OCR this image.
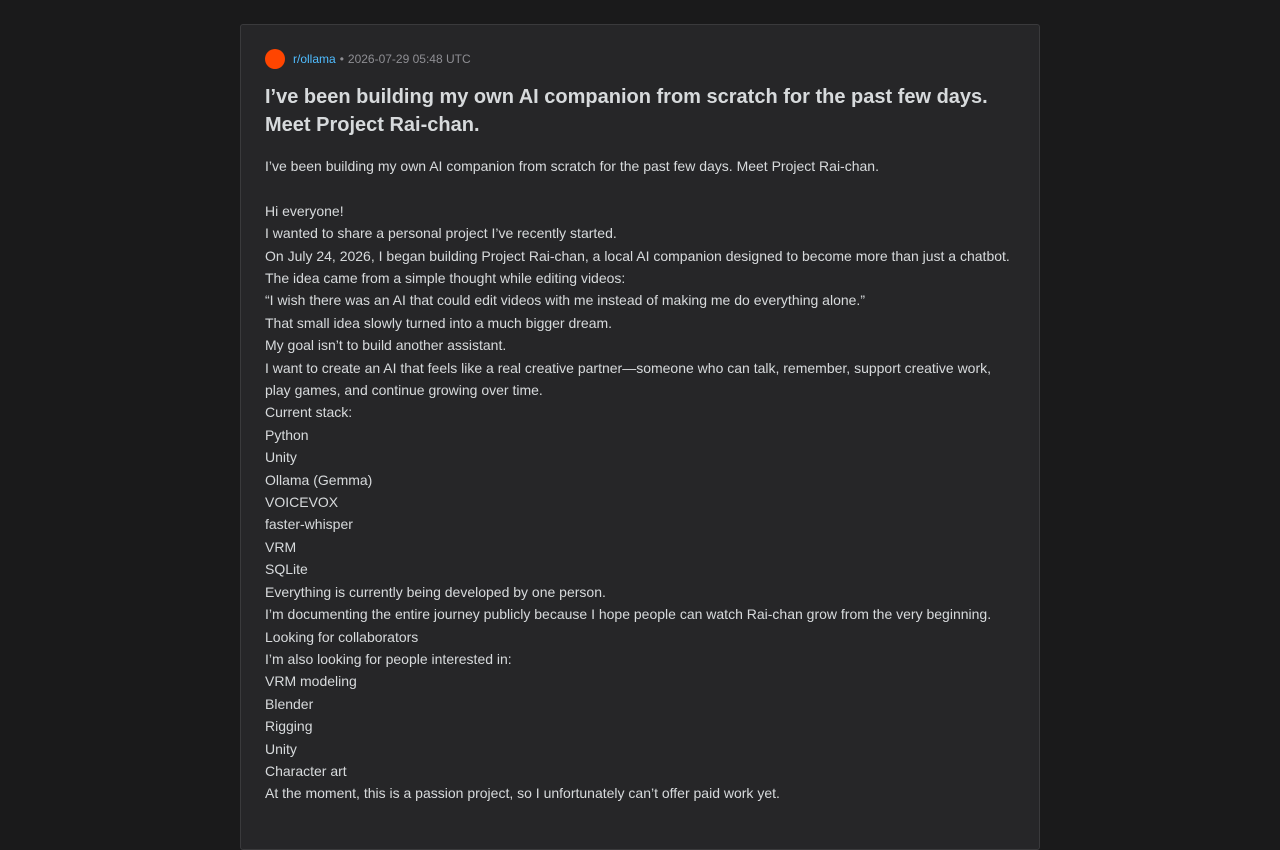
r/ollama • 2026-07-29 05:48 UTC
I’ve been building my own AI companion from scratch for the past few days. Meet Project Rai-chan.

I’ve been building my own AI companion from scratch for the past few days. Meet Project Rai-chan.

Hi everyone!

I wanted to share a personal project I’ve recently started.

On July 24, 2026, I began building Project Rai-chan, a local AI companion designed to become more than just a chatbot.

The idea came from a simple thought while editing videos:

“I wish there was an AI that could edit videos with me instead of making me do everything alone.”

That small idea slowly turned into a much bigger dream.

My goal isn’t to build another assistant.

I want to create an AI that feels like a real creative partner—someone who can talk, remember, support creative work, play games, and continue growing over time.

Current stack:

Python

Unity

Ollama (Gemma)

VOICEVOX

faster-whisper

VRM

SQLite

Everything is currently being developed by one person.

I’m documenting the entire journey publicly because I hope people can watch Rai-chan grow from the very beginning.

Looking for collaborators

I’m also looking for people interested in:

VRM modeling

Blender

Rigging

Unity

Character art

At the moment, this is a passion project, so I unfortunately can’t offer paid work yet.
